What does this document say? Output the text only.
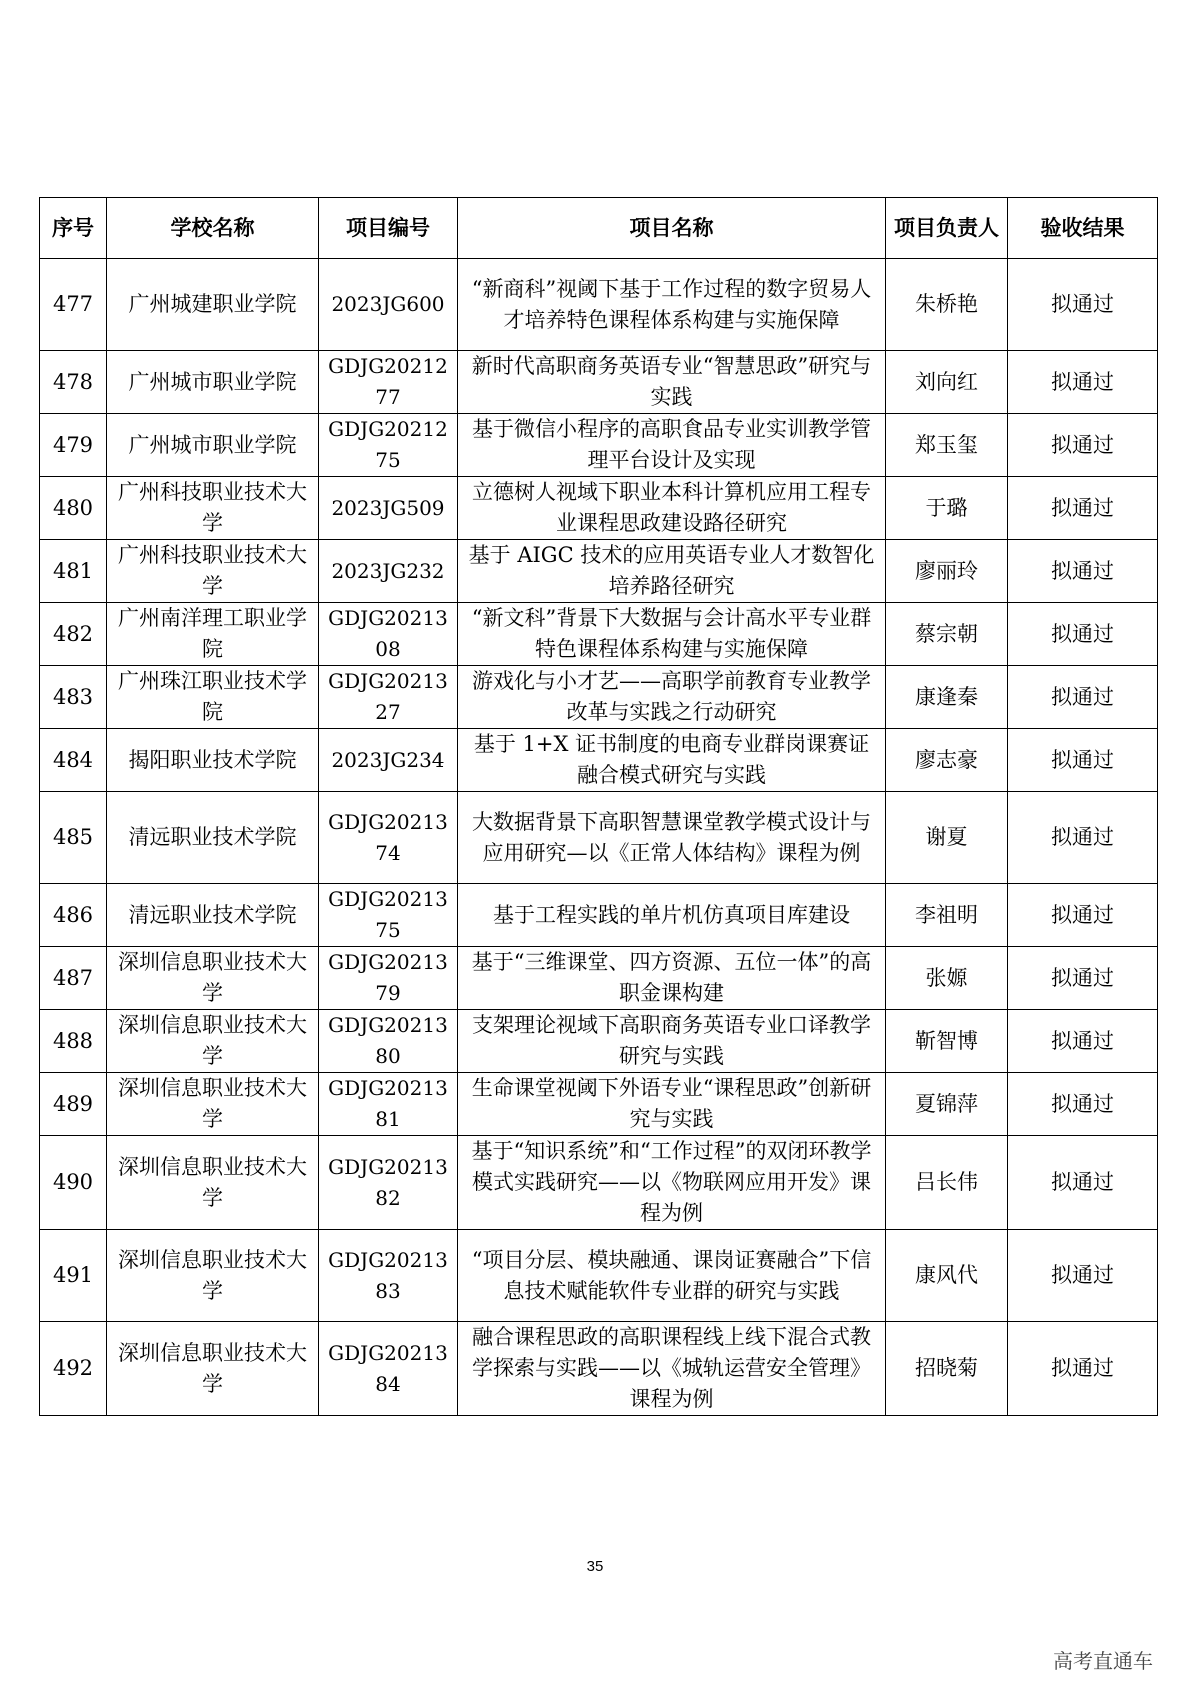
序号	学校名称	项目编号	项目名称	项目负责人	验收结果
477	广州城建职业学院	2023JG600	“新商科”视阈下基于工作过程的数字贸易人才培养特色课程体系构建与实施保障	朱桥艳	拟通过
478	广州城市职业学院	GDJG2021277	新时代高职商务英语专业“智慧思政”研究与实践	刘向红	拟通过
479	广州城市职业学院	GDJG2021275	基于微信小程序的高职食品专业实训教学管理平台设计及实现	郑玉玺	拟通过
480	广州科技职业技术大学	2023JG509	立德树人视域下职业本科计算机应用工程专业课程思政建设路径研究	于璐	拟通过
481	广州科技职业技术大学	2023JG232	基于 AIGC 技术的应用英语专业人才数智化培养路径研究	廖丽玲	拟通过
482	广州南洋理工职业学院	GDJG2021308	“新文科”背景下大数据与会计高水平专业群特色课程体系构建与实施保障	蔡宗朝	拟通过
483	广州珠江职业技术学院	GDJG2021327	游戏化与小才艺——高职学前教育专业教学改革与实践之行动研究	康逢秦	拟通过
484	揭阳职业技术学院	2023JG234	基于 1+X 证书制度的电商专业群岗课赛证融合模式研究与实践	廖志豪	拟通过
485	清远职业技术学院	GDJG2021374	大数据背景下高职智慧课堂教学模式设计与应用研究—以《正常人体结构》课程为例	谢夏	拟通过
486	清远职业技术学院	GDJG2021375	基于工程实践的单片机仿真项目库建设	李祖明	拟通过
487	深圳信息职业技术大学	GDJG2021379	基于“三维课堂、四方资源、五位一体”的高职金课构建	张嫄	拟通过
488	深圳信息职业技术大学	GDJG2021380	支架理论视域下高职商务英语专业口译教学研究与实践	靳智博	拟通过
489	深圳信息职业技术大学	GDJG2021381	生命课堂视阈下外语专业“课程思政”创新研究与实践	夏锦萍	拟通过
490	深圳信息职业技术大学	GDJG2021382	基于“知识系统”和“工作过程”的双闭环教学模式实践研究——以《物联网应用开发》课程为例	吕长伟	拟通过
491	深圳信息职业技术大学	GDJG2021383	“项目分层、模块融通、课岗证赛融合”下信息技术赋能软件专业群的研究与实践	康风代	拟通过
492	深圳信息职业技术大学	GDJG2021384	融合课程思政的高职课程线上线下混合式教学探索与实践——以《城轨运营安全管理》课程为例	招晓菊	拟通过
35
高考直通车
